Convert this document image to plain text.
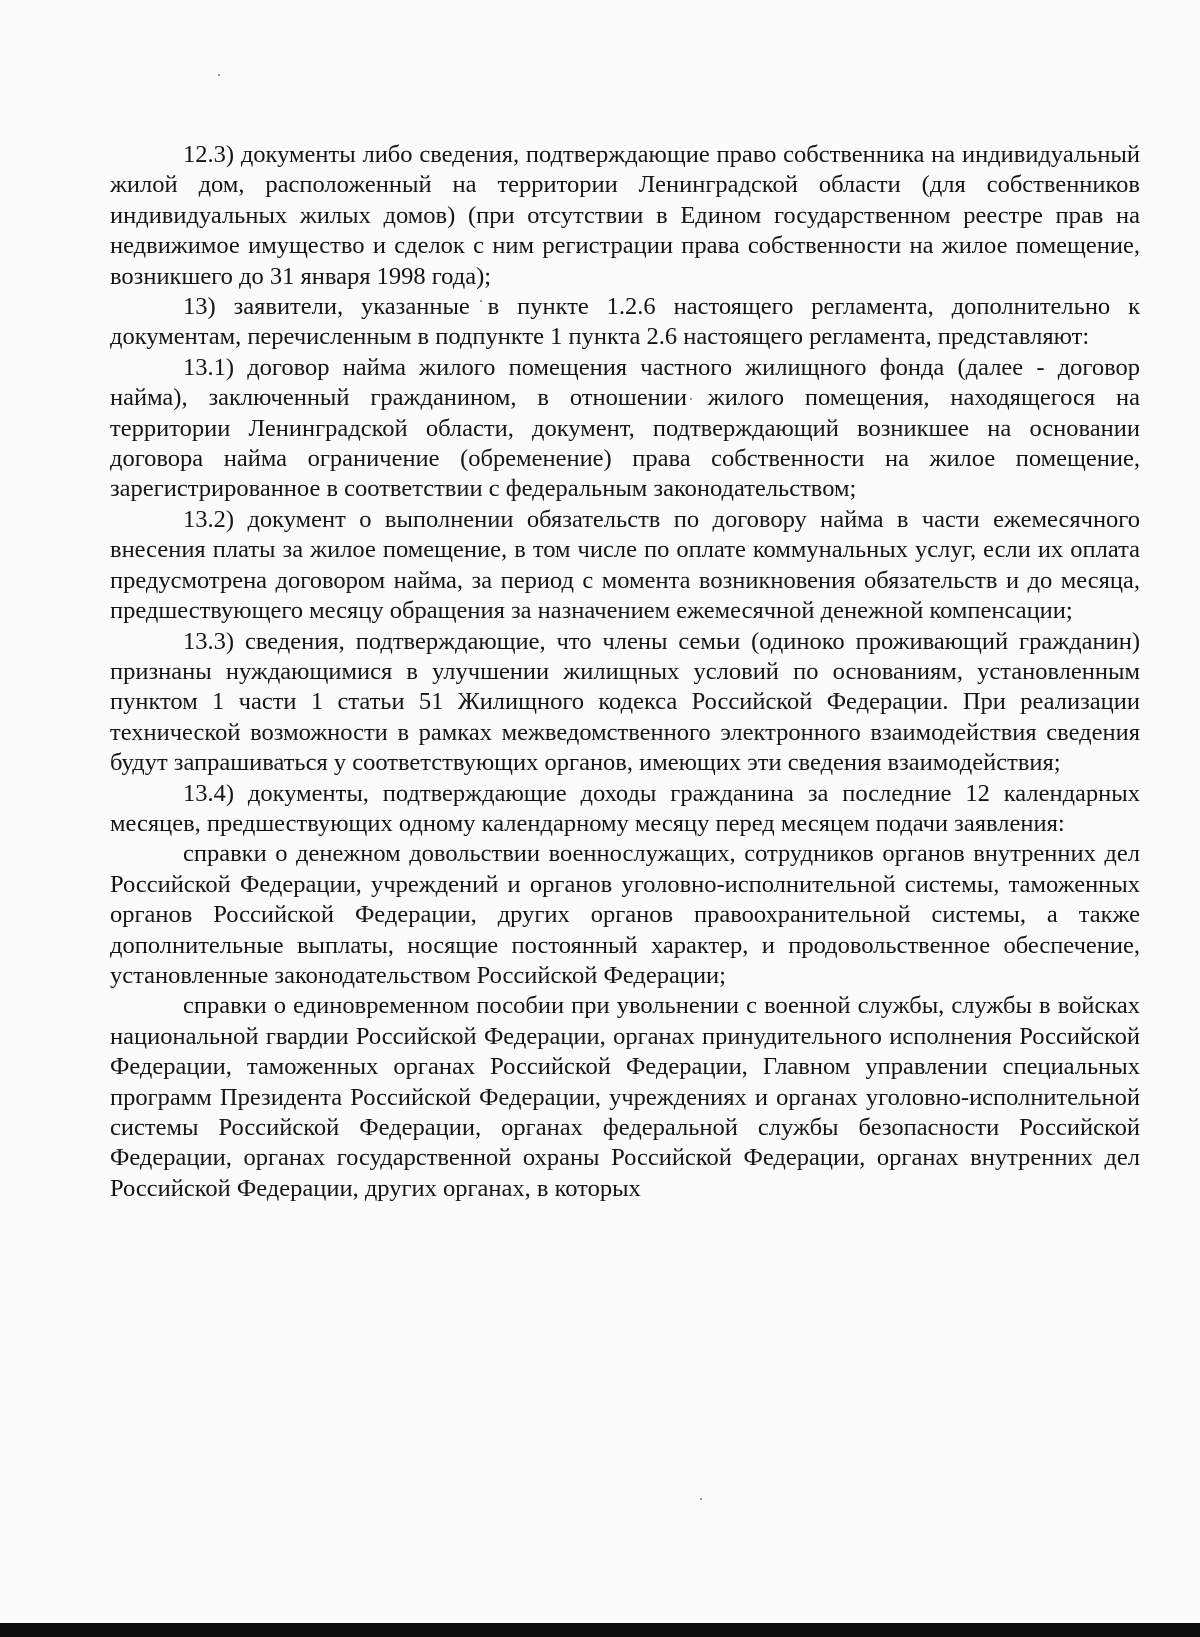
12.3) документы либо сведения, подтверждающие право собственника на индивидуальный жилой дом, расположенный на территории Ленинградской области (для собственников индивидуальных жилых домов) (при отсутствии в Едином государственном реестре прав на недвижимое имущество и сделок с ним регистрации права собственности на жилое помещение, возникшего до 31 января 1998 года);

13) заявители, указанные в пункте 1.2.6 настоящего регламента, дополнительно к документам, перечисленным в подпункте 1 пункта 2.6 настоящего регламента, представляют:

13.1) договор найма жилого помещения частного жилищного фонда (далее - договор найма), заключенный гражданином, в отношении жилого помещения, находящегося на территории Ленинградской области, документ, подтверждающий возникшее на основании договора найма ограничение (обременение) права собственности на жилое помещение, зарегистрированное в соответствии с федеральным законодательством;

13.2) документ о выполнении обязательств по договору найма в части ежемесячного внесения платы за жилое помещение, в том числе по оплате коммунальных услуг, если их оплата предусмотрена договором найма, за период с момента возникновения обязательств и до месяца, предшествующего месяцу обращения за назначением ежемесячной денежной компенсации;

13.3) сведения, подтверждающие, что члены семьи (одиноко проживающий гражданин) признаны нуждающимися в улучшении жилищных условий по основаниям, установленным пунктом 1 части 1 статьи 51 Жилищного кодекса Российской Федерации. При реализации технической возможности в рамках межведомственного электронного взаимодействия сведения будут запрашиваться у соответствующих органов, имеющих эти сведения взаимодействия;

13.4) документы, подтверждающие доходы гражданина за последние 12 календарных месяцев, предшествующих одному календарному месяцу перед месяцем подачи заявления:

справки о денежном довольствии военнослужащих, сотрудников органов внутренних дел Российской Федерации, учреждений и органов уголовно-исполнительной системы, таможенных органов Российской Федерации, других органов правоохранительной системы, а также дополнительные выплаты, носящие постоянный характер, и продовольственное обеспечение, установленные законодательством Российской Федерации;

справки о единовременном пособии при увольнении с военной службы, службы в войсках национальной гвардии Российской Федерации, органах принудительного исполнения Российской Федерации, таможенных органах Российской Федерации, Главном управлении специальных программ Президента Российской Федерации, учреждениях и органах уголовно-исполнительной системы Российской Федерации, органах федеральной службы безопасности Российской Федерации, органах государственной охраны Российской Федерации, органах внутренних дел Российской Федерации, других органах, в которых
